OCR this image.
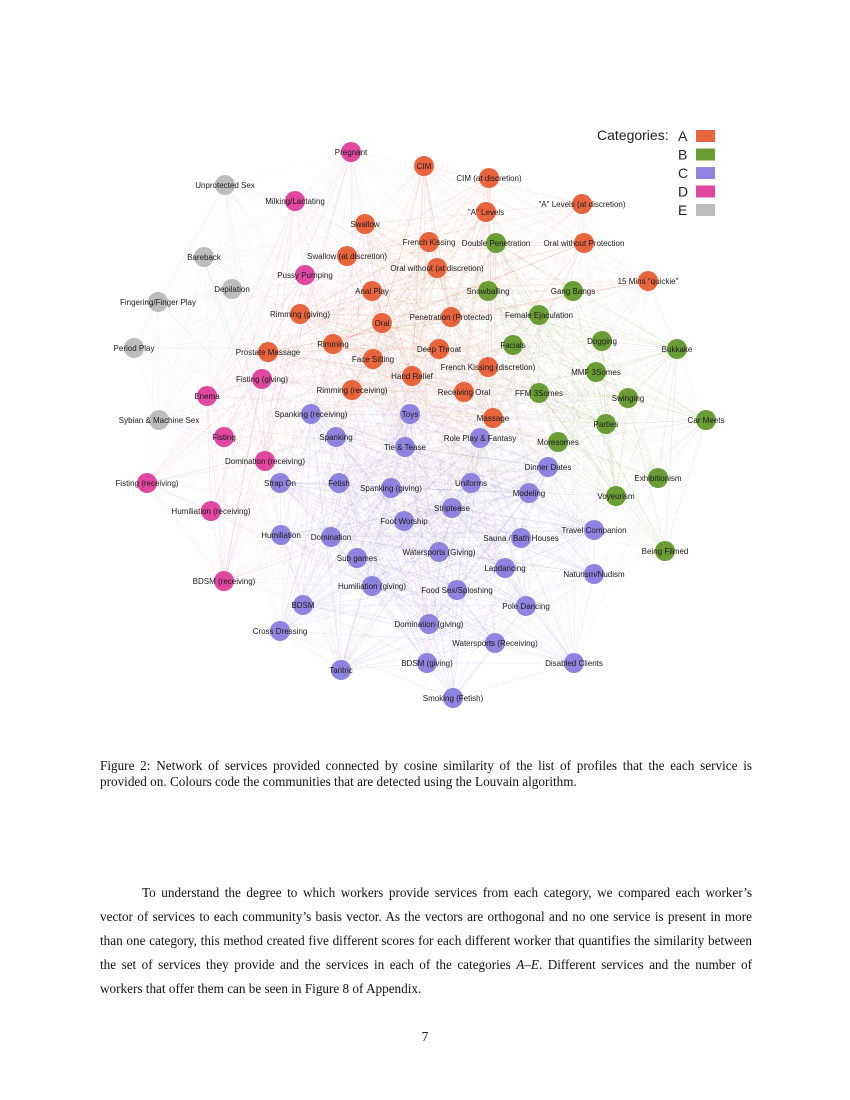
Pregnant
CIM
CIM (at discretion)
Unprotected Sex
Milking/Lactating	"A" Levels (at discretion)
"A" Levels
Swallow
French Kissing Double Penetration Oral without Protection
Bareback	Swallow (at discretion)
Oral without (at discretion)
Pussy Pumping
15 Mins "quickie"
Depilation	Anal Play	Snowballing	Gang Bangs
Fingering/Finger Play
Rimming (giving)
Oral
Penetration (Protected) Female Ejaculation
Dogging
Period Play	Prostate Massage
Rimming
Deep Throat	Facials	Bukkake
Face Sitting
French Kissing (discretion)
MMF 3Somes
Fisting (giving)	Hand Relief
Rimming (receiving)	Receiving Oral	FFM 3Somes
Swinging
Enema
Sybian & Machine Sex
Spanking (receiving)	Toys	Massage
Parties	Car Meets
Fisting	Spanking
Tie & Tease
Role Play & Fantasy	Moresomes
Domination (receiving)
Dinner Dates
Exhibitionism
Fisting (receiving)	Strap On	Fetish
Spanking (giving)
Uniforms
Modeling	Voyeurism
Humiliation (receiving)	Striptease
Foot Worship
Travel Companion
Humiliation Domination	Sauna / Bath Houses
Being Filmed
Sub games
Watersports (Giving)
Lapdancing
Naturism/Nudism
BDSM (receiving)
Humiliation (giving) Food Sex/Sploshing
BDSM	Pole Dancing
Domination (giving)
Cross Dressing
Watersports (Receiving)
Disabled Clients
Tantric
BDSM (giving)
Smoking (Fetish)
Categories: A
B
C
D
E

Figure 2: Network of services provided connected by cosine similarity of the list of profiles that the each service is provided on. Colours code the communities that are detected using the Louvain algorithm.

To understand the degree to which workers provide services from each category, we compared each worker’s vector of services to each community’s basis vector. As the vectors are orthogonal and no one service is present in more than one category, this method created five different scores for each different worker that quantifies the similarity between the set of services they provide and the services in each of the categories A–E. Different services and the number of workers that offer them can be seen in Figure 8 of Appendix.

7
